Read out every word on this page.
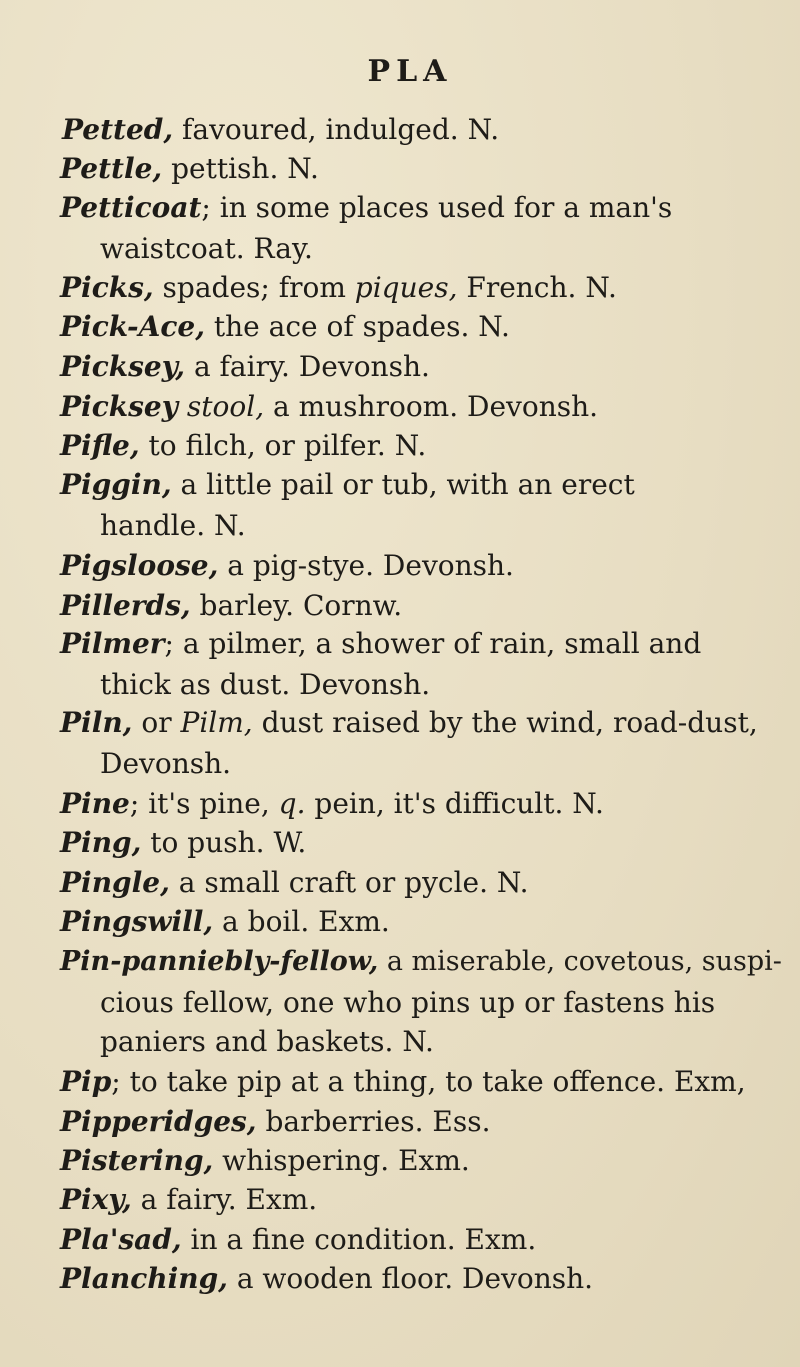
PLA
Petted, favoured, indulged. N.
Pettle, pettish. N.
Petticoat; in some places used for a man's
waistcoat. Ray.
Picks, spades; from piques, French. N.
Pick-Ace, the ace of spades. N.
Picksey, a fairy. Devonsh.
Picksey stool, a mushroom. Devonsh.
Pifle, to filch, or pilfer. N.
Piggin, a little pail or tub, with an erect
handle. N.
Pigsloose, a pig-stye. Devonsh.
Pillerds, barley. Cornw.
Pilmer; a pilmer, a shower of rain, small and
thick as dust. Devonsh.
Piln, or Pilm, dust raised by the wind, road-dust,
Devonsh.
Pine; it's pine, q. pein, it's difficult. N.
Ping, to push. W.
Pingle, a small craft or pycle. N.
Pingswill, a boil. Exm.
Pin-panniebly-fellow, a miserable, covetous, suspi-
cious fellow, one who pins up or fastens his
paniers and baskets. N.
Pip; to take pip at a thing, to take offence. Exm,
Pipperidges, barberries. Ess.
Pistering, whispering. Exm.
Pixy, a fairy. Exm.
Pla'sad, in a fine condition. Exm.
Planching, a wooden floor. Devonsh.
